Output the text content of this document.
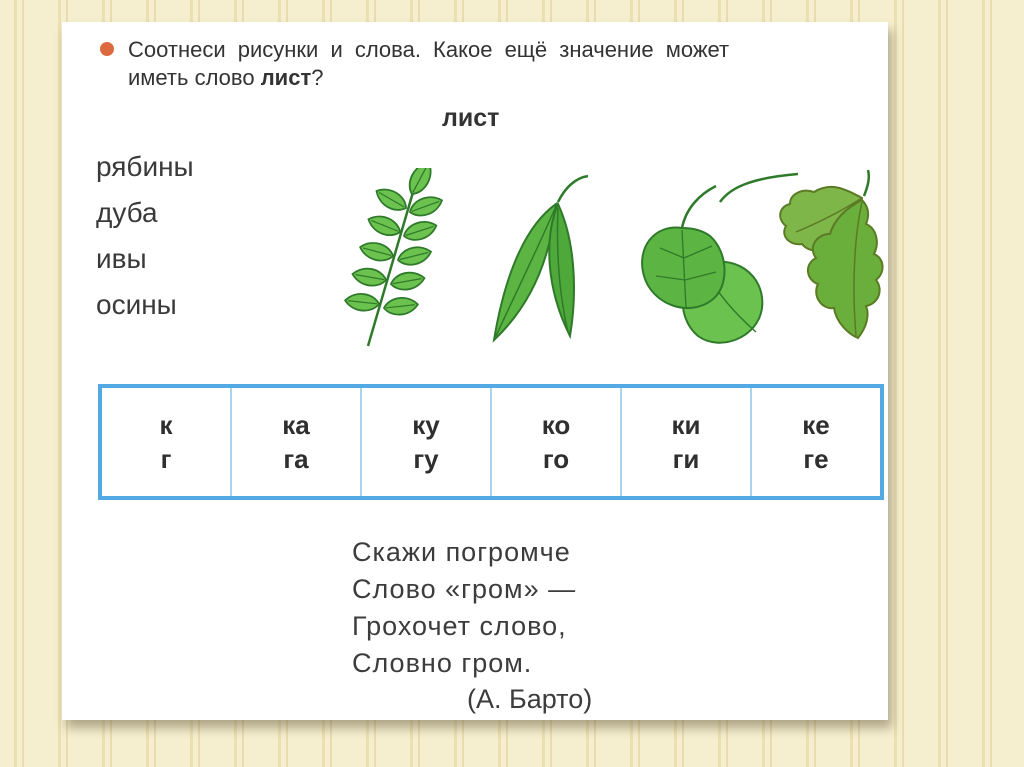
Соотнеси рисунки и слова. Какое ещё значение может
иметь слово лист?
лист
рябины
дуба
ивы
осины
к
г
ка
га
ку
гу
ко
го
ки
ги
ке
ге
Скажи погромче
Слово «гром» —
Грохочет слово,
Словно гром.
(А. Барто)
